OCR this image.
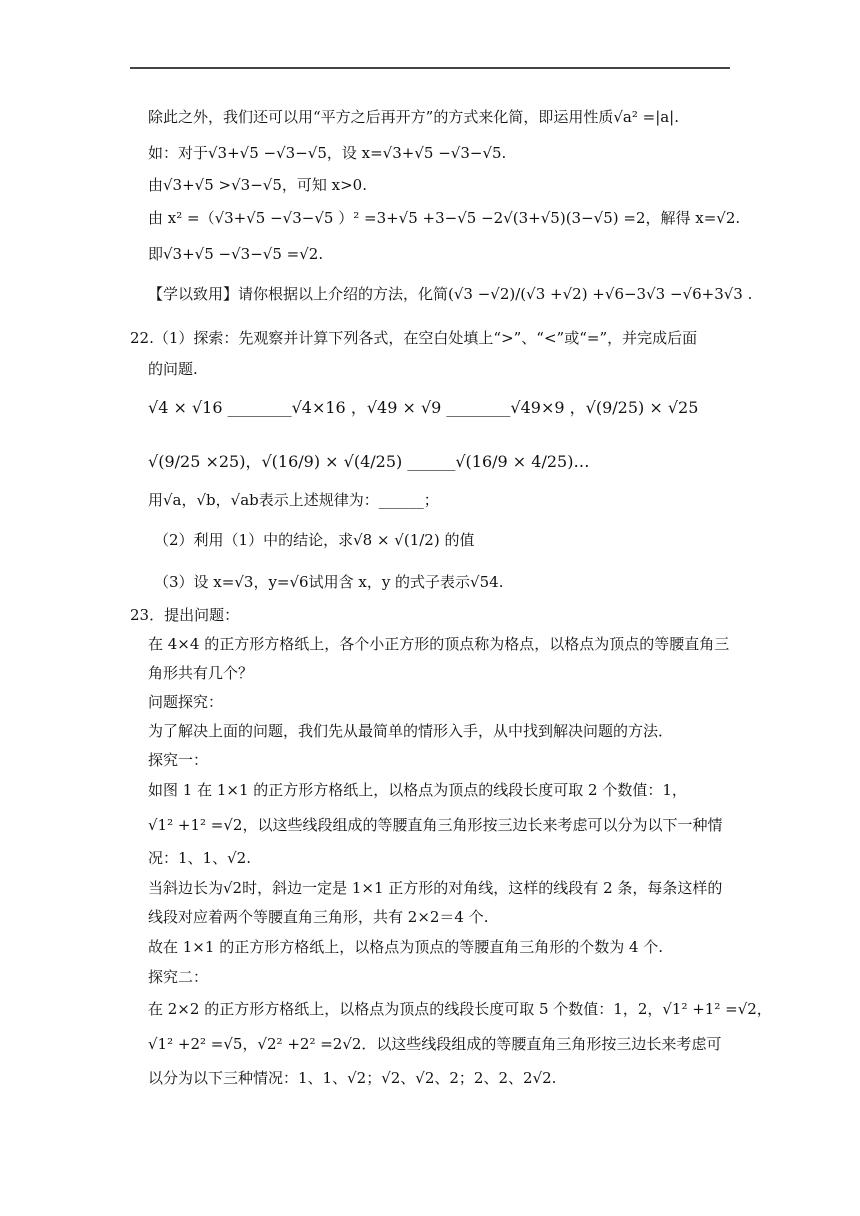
除此之外，我们还可以用“平方之后再开方”的方式来化简，即运用性质√a² =|a|.
如：对于√3+√5 −√3−√5，设 x=√3+√5 −√3−√5.
由√3+√5 >√3−√5，可知 x>0.
由 x² =（√3+√5 −√3−√5 ）² =3+√5 +3−√5 −2√(3+√5)(3−√5) =2，解得 x=√2.
即√3+√5 −√3−√5 =√2.
【学以致用】请你根据以上介绍的方法，化简(√3 −√2)/(√3 +√2) +√6−3√3 −√6+3√3 .
22.（1）探索：先观察并计算下列各式，在空白处填上“>”、“<”或“=”，并完成后面
的问题.
√4 × √16 ________√4×16 ，√49 × √9 ________√49×9 ，√(9/25) × √25
√(9/25 ×25)，√(16/9) × √(4/25) ______√(16/9 × 4/25)…
用√a，√b，√ab表示上述规律为：______；
（2）利用（1）中的结论，求√8 × √(1/2) 的值
（3）设 x=√3，y=√6试用含 x，y 的式子表示√54.
23．提出问题：
在 4×4 的正方形方格纸上，各个小正方形的顶点称为格点，以格点为顶点的等腰直角三
角形共有几个？
问题探究：
为了解决上面的问题，我们先从最简单的情形入手，从中找到解决问题的方法．
探究一：
如图 1 在 1×1 的正方形方格纸上，以格点为顶点的线段长度可取 2 个数值：1，
√1² +1² =√2，以这些线段组成的等腰直角三角形按三边长来考虑可以分为以下一种情
况：1、1、√2.
当斜边长为√2时，斜边一定是 1×1 正方形的对角线，这样的线段有 2 条，每条这样的
线段对应着两个等腰直角三角形，共有 2×2＝4 个.
故在 1×1 的正方形方格纸上，以格点为顶点的等腰直角三角形的个数为 4 个.
探究二：
在 2×2 的正方形方格纸上，以格点为顶点的线段长度可取 5 个数值：1，2，√1² +1² =√2，
√1² +2² =√5，√2² +2² =2√2．以这些线段组成的等腰直角三角形按三边长来考虑可
以分为以下三种情况：1、1、√2；√2、√2、2；2、2、2√2.
